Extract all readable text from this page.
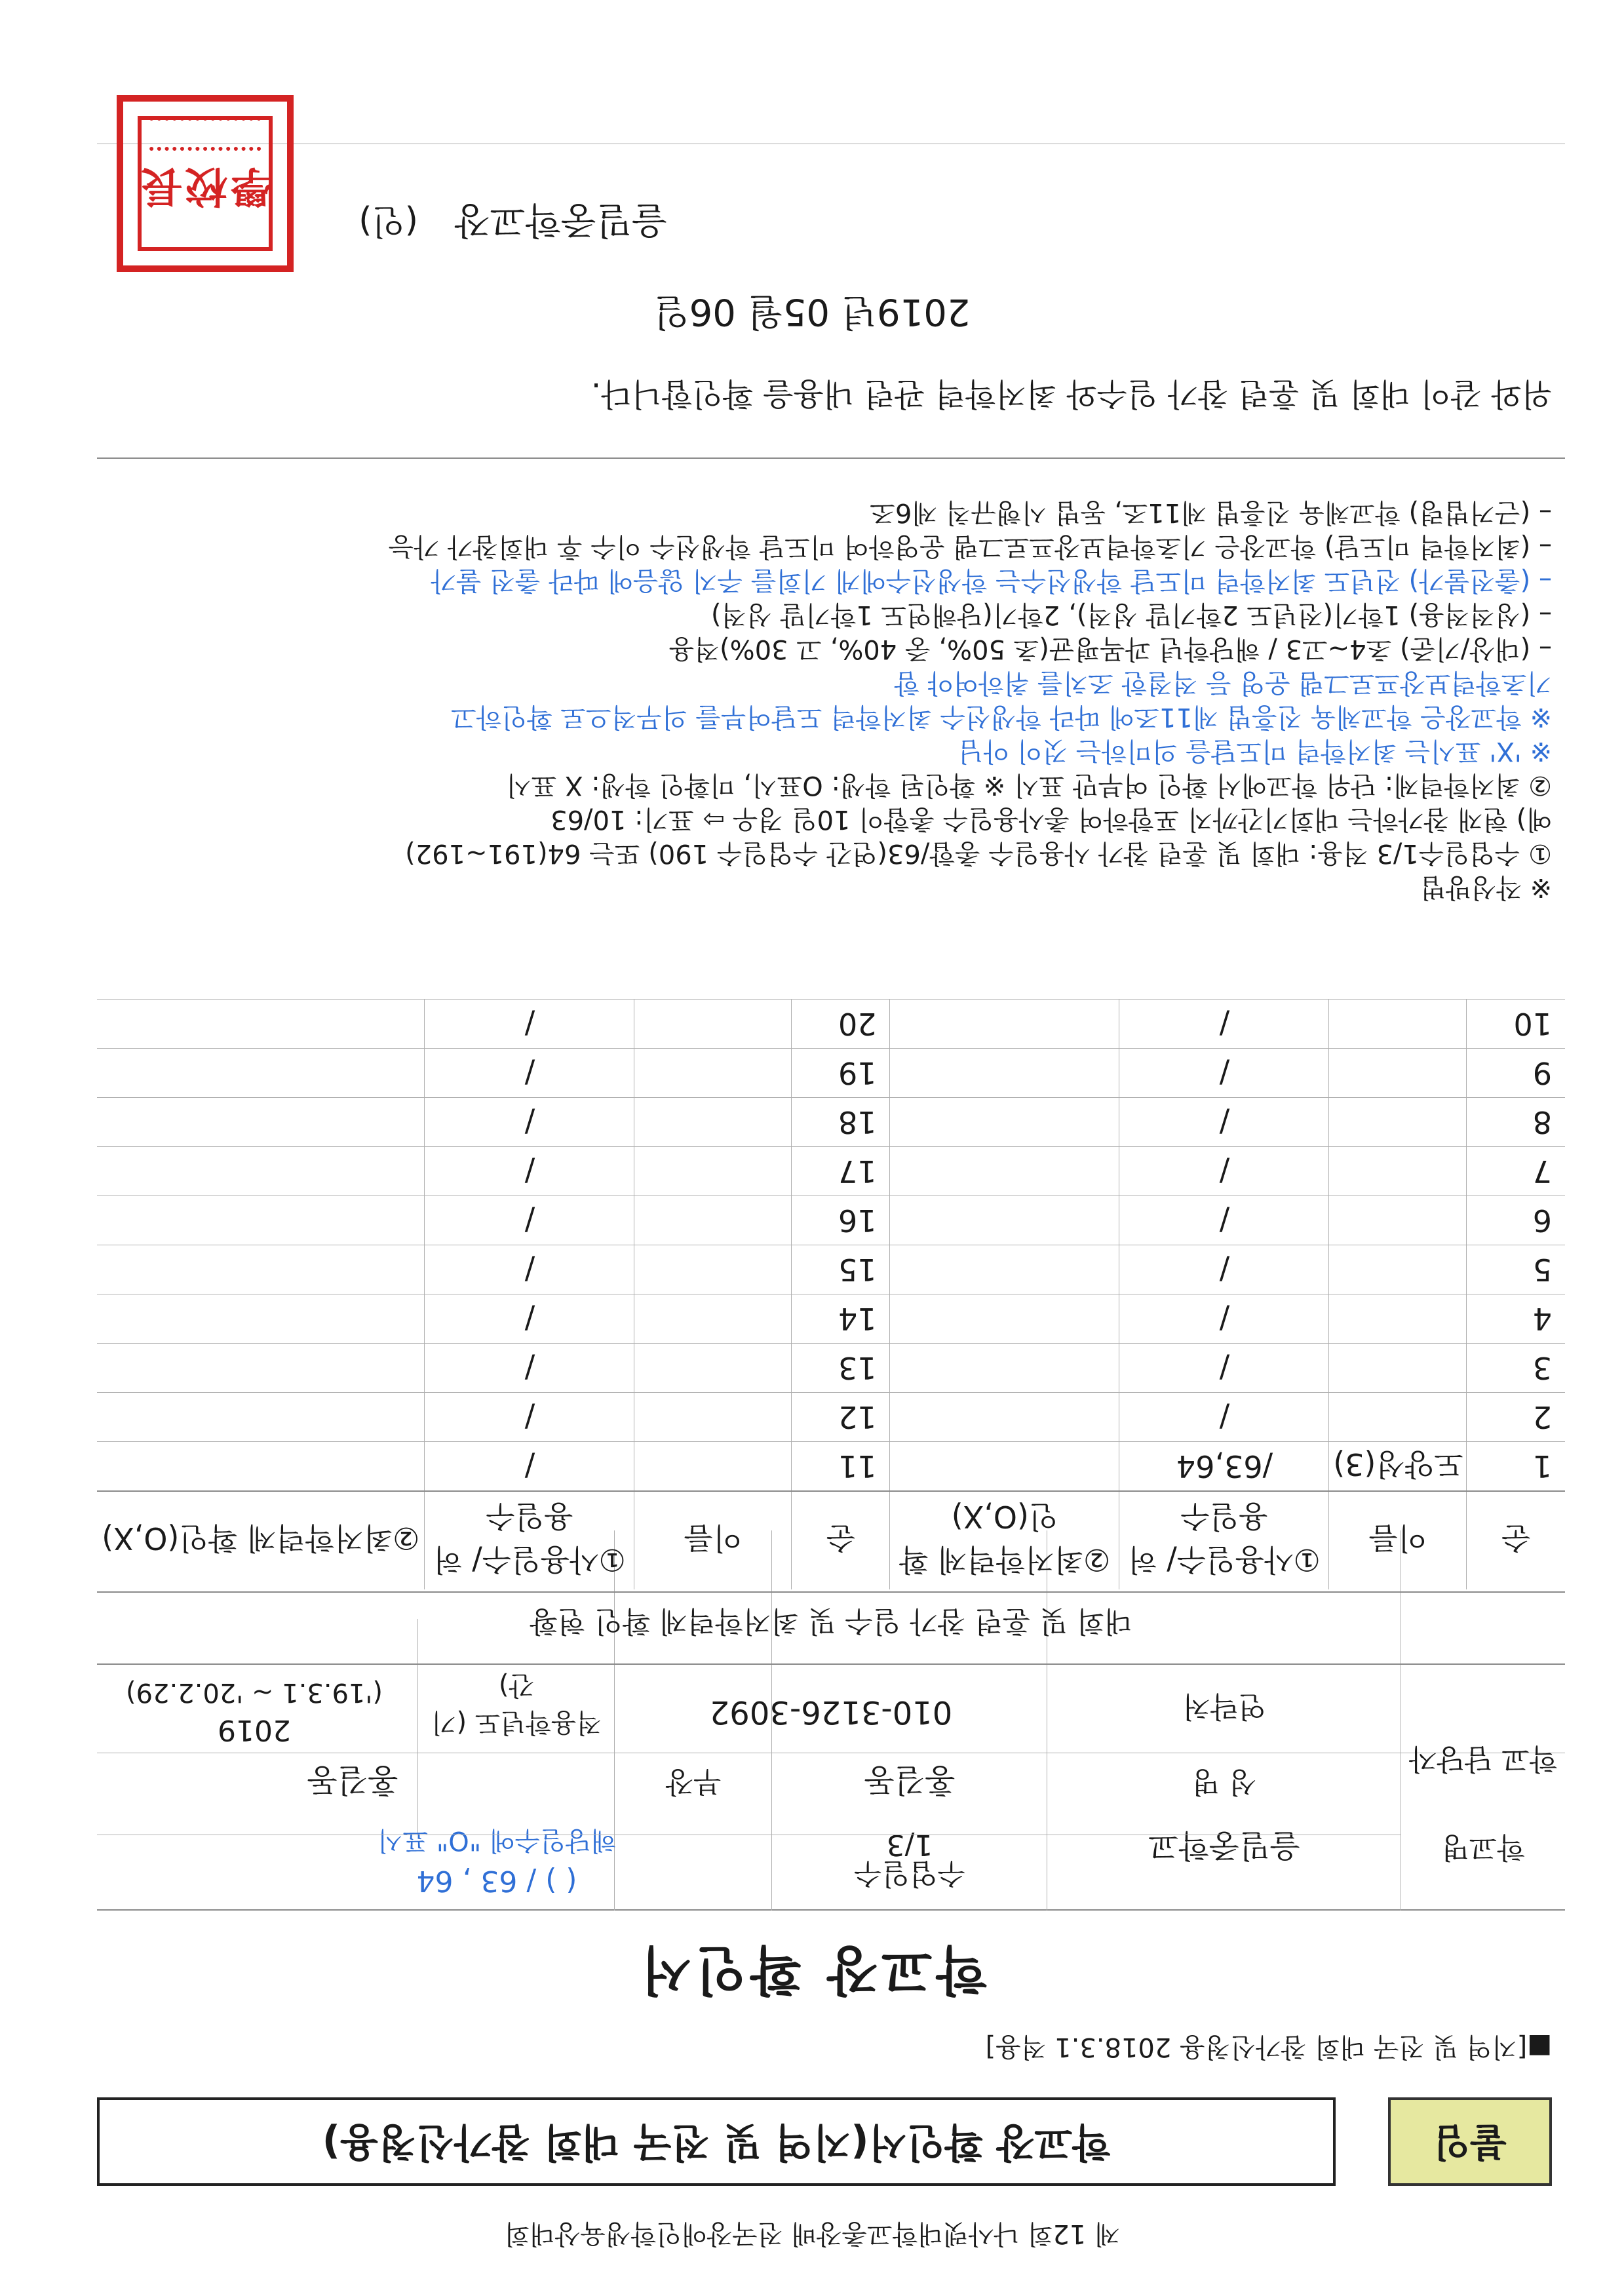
제 12회 나사렛대학교총장배 전국장애인학생육상대회
붙임
학교장 확인서(지역 및 전국 대회 참가신청용)
■[지역 및 전국 대회 참가신청용 2018.3.1 적용]
학교장 확인서
학교명
을밀중학교
수업일수
1/3
( ) / 63 , 64
해당일수에 "O" 표시
학교 담당자
성 명
홍길동
부장
홍길동
연락처
010-3126-3092
적용학년도 (기간)
2019
('19.3.1 ~ '20.2.29)
대회 및 훈련 참가 일수 및 최저학력제 확인 현황
순	이름	①사용일수/ 허용일수	②최저학력제 확인(O,X)	순	이름	①사용일수/ 허용일수	②최저학력제 확인(O,X)
1	도양성(3)	/63,64		11		/	
2		/		12		/	
3		/		13		/	
4		/		14		/	
5		/		15		/	
6		/		16		/	
7		/		17		/	
8		/		18		/	
9		/		19		/	
10		/		20		/	
※ 작성방법
① 수업일수1/3 적용: 대회 및 훈련 참가 사용일수 총합/63(연간 수업일수 190) 또는 64(191~192)
예) 현재 참가하는 대회기간까지 포함하여 총사용일수 총합이 10일 경우 ⇨ 표기: 10/63
② 최저학력제: 단위 학교에서 확인 여부만 표시 ※ 확인된 학생: O표시, 미확인 학생: X 표시
※ 'X' 표시는 최저학력 미도달을 의미하는 것이 아님
※ 학교장은 학교체육 진흥법 제11조에 따라 학생선수 최저학력 도달여부를 의무적으로 확인하고
기초학력보장프로그램 운영 등 적절한 조치를 취하여야 함
– (대상/기준) 초4~고3 / 해당학년 과목평균(초 50%, 중 40%, 고 30%)적용
– (성적적용) 1학기(전년도 2학기말 성적), 2학기(당해연도 1학기말 성적)
– (출전불가) 전년도 최저학력 미도달 학생선수는 학생선수에게 기회를 주지 않음에 따라 출전 불가
– (최저학력 미도달) 학교장은 기초학력보장프로그램 운영하여 미도달 학생선수 이수 후 대회참가 가능
– (근거법령) 학교체육 진흥법 제11조, 동법 시행규칙 제6조
위와 같이 대회 및 훈련 참가 일수와 최저학력 관련 내용을 확인합니다.
2019년 05월 06일
을밀중학교장
(인)
學校長
